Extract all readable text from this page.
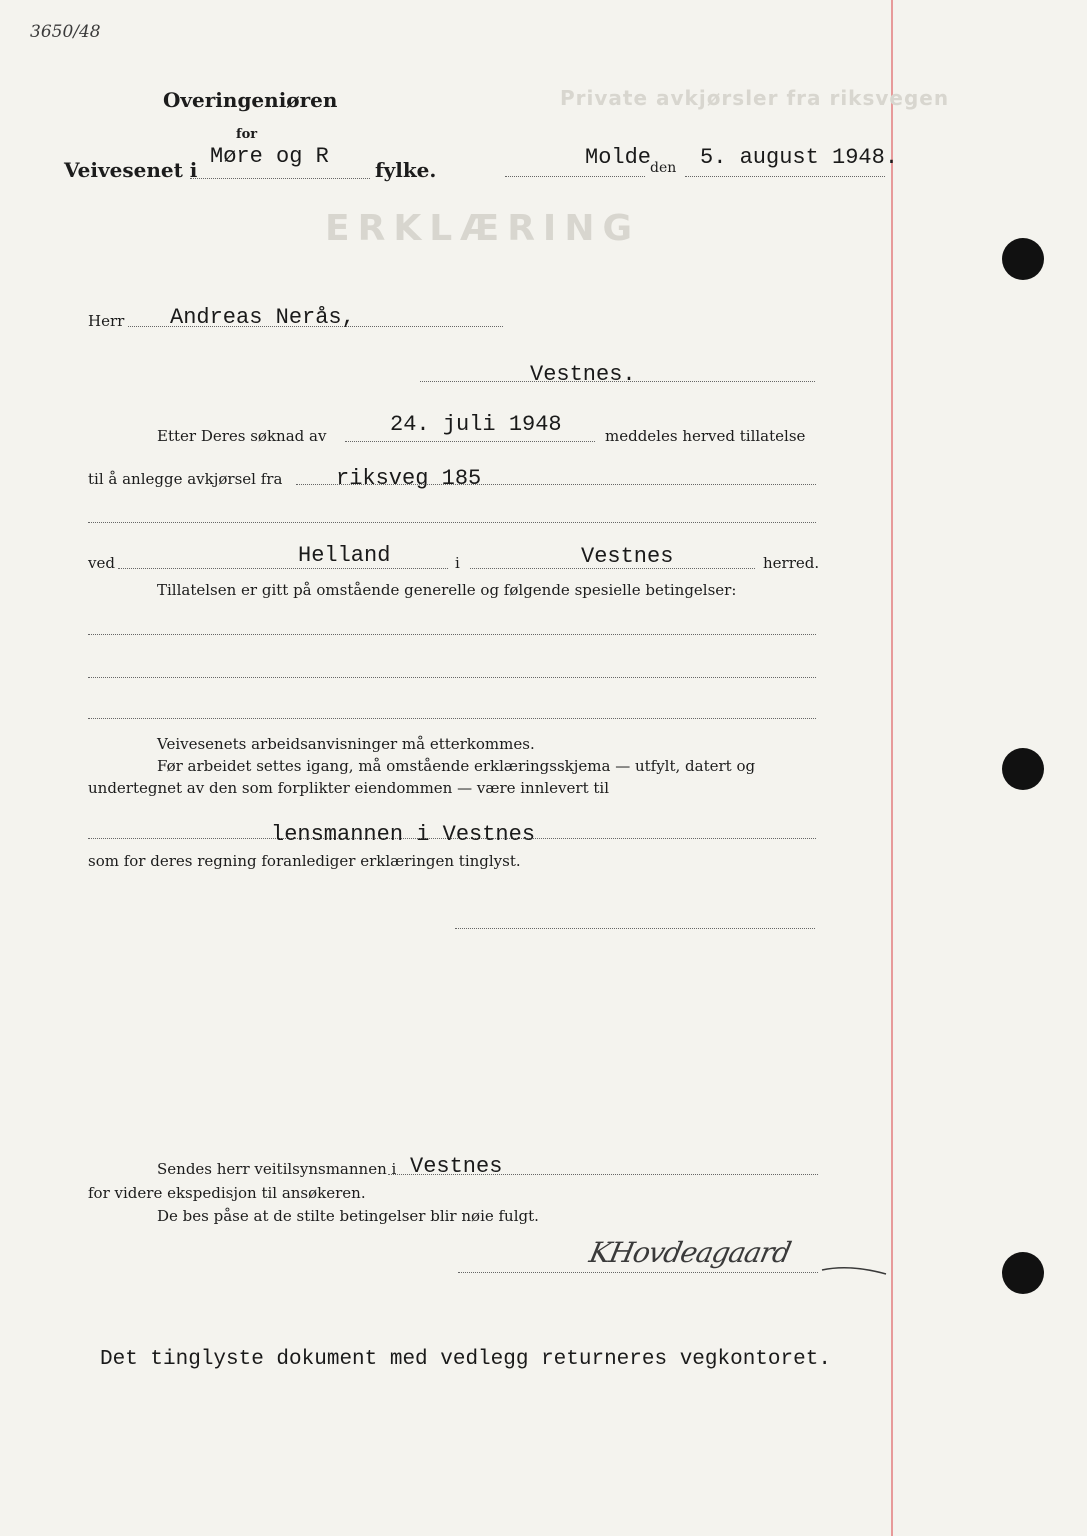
Private avkjørsler fra riksvegen
ERKLÆRING
3650/48
Overingeniøren
for
Veivesenet i
Møre og R
fylke.	Molde
den 5. august 1948.
Herr Andreas Nerås,
Vestnes.
Etter Deres søknad av	24. juli 1948	meddeles herved tillatelse
til å anlegge avkjørsel fra riksveg 185
ved	Helland	i	Vestnes	herred.
Tillatelsen er gitt på omstående generelle og følgende spesielle betingelser:
Veivesenets arbeidsanvisninger må etterkommes.
Før arbeidet settes igang, må omstående erklæringsskjema — utfylt, datert og
undertegnet av den som forplikter eiendommen — være innlevert til
lensmannen i Vestnes
som for deres regning foranlediger erklæringen tinglyst.
Sendes herr veitilsynsmannen i Vestnes
for videre ekspedisjon til ansøkeren.
De bes påse at de stilte betingelser blir nøie fulgt.
KHovdeagaard
Det tinglyste dokument med vedlegg returneres vegkontoret.
